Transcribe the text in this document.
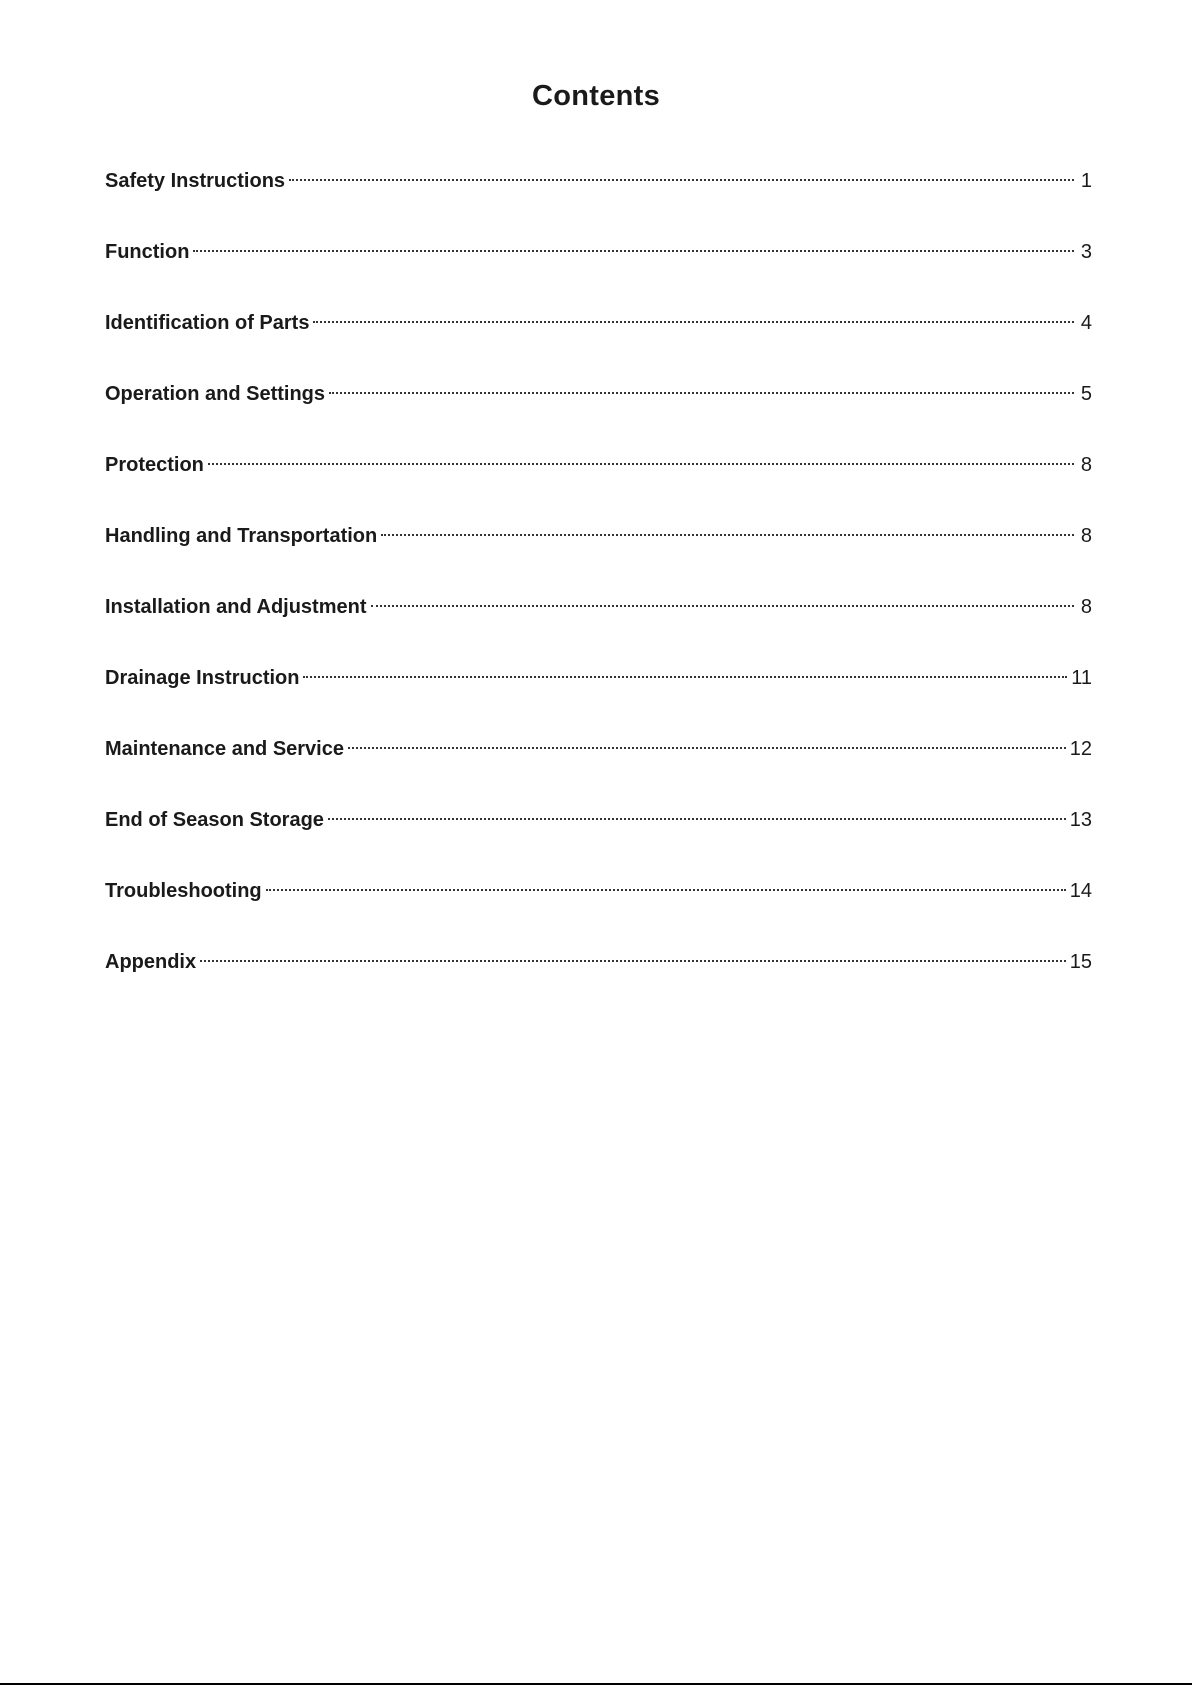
Contents
Safety Instructions	1
Function	3
Identification of Parts	4
Operation and Settings	5
Protection	8
Handling and Transportation	8
Installation and Adjustment	8
Drainage Instruction	11
Maintenance and Service	12
End of Season Storage	13
Troubleshooting	14
Appendix	15
